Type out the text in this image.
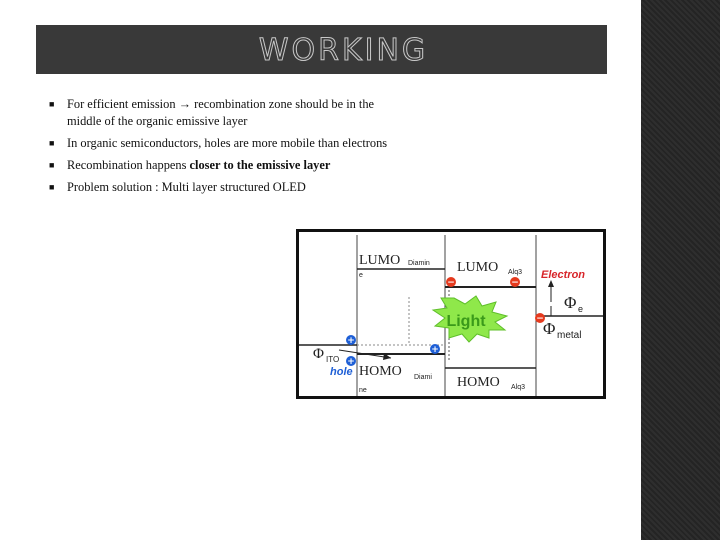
WORKING
■ For efficient emission → recombination zone should be in the
middle of the organic emissive layer
■ In organic semiconductors, holes are more mobile than electrons
■ Recombination happens closer to the emissive layer
■ Problem solution : Multi layer structured OLED
Light
+
+
+
−	−
−
LUMO Diamin
e
LUMO Alq3 Electron
Φ e
Φ metal
Φ ITO
hole HOMO Diami
ne
HOMO Alq3
